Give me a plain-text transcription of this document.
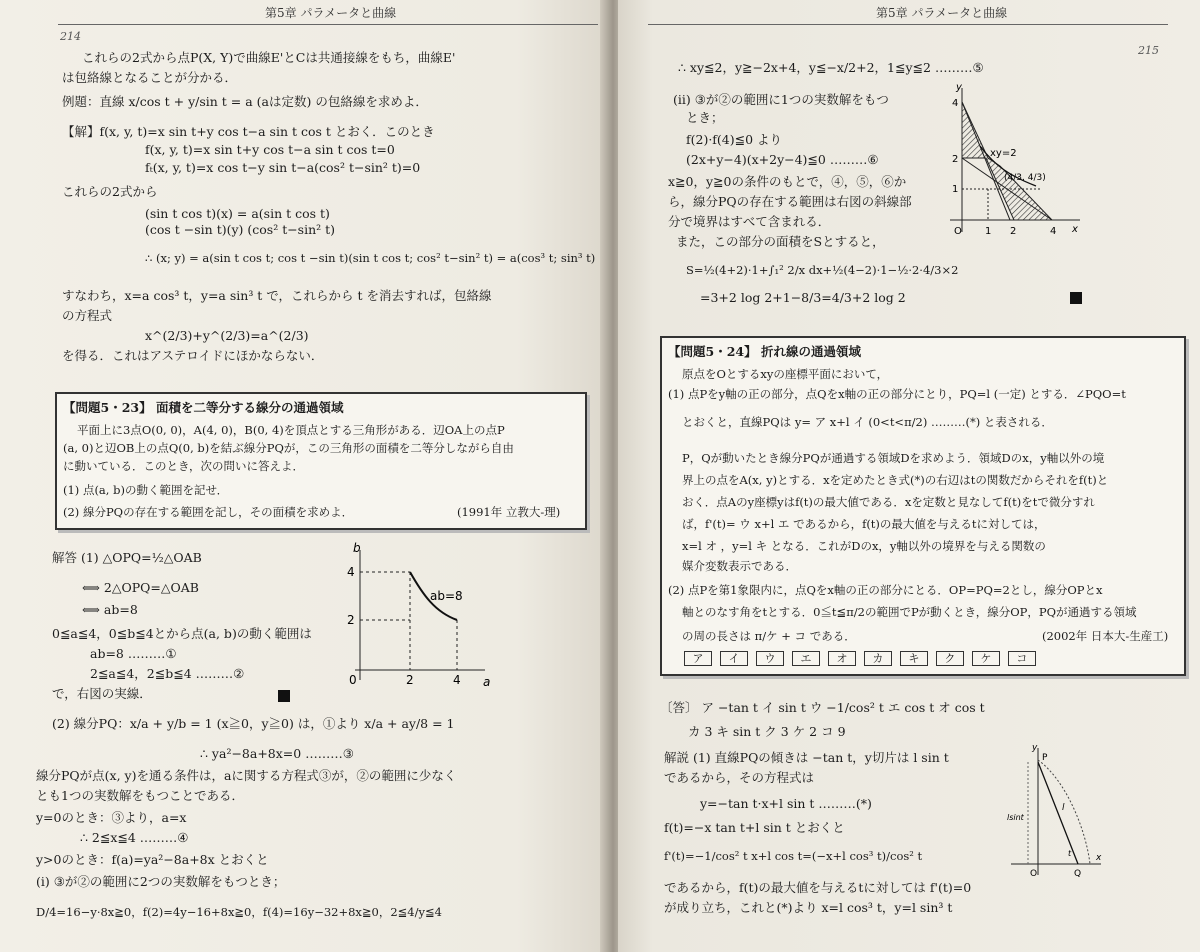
214
第5章 パラメータと曲線
これらの2式から点P(X, Y)で曲線E'とCは共通接線をもち，曲線E'
は包絡線となることが分かる．
例題：直線 x/cos t + y/sin t = a (aは定数) の包絡線を求めよ．
【解】f(x, y, t)=x sin t+y cos t−a sin t cos t とおく．このとき
f(x, y, t)=x sin t+y cos t−a sin t cos t=0
fₜ(x, y, t)=x cos t−y sin t−a(cos² t−sin² t)=0
これらの2式から
(sin t cos t)(x) = a(sin t cos t)
(cos t −sin t)(y) (cos² t−sin² t)
∴ (x; y) = a(sin t cos t; cos t −sin t)(sin t cos t; cos² t−sin² t) = a(cos³ t; sin³ t)
すなわち，x=a cos³ t，y=a sin³ t で，これらから t を消去すれば，包絡線
の方程式
x^(2/3)+y^(2/3)=a^(2/3)
を得る．これはアステロイドにほかならない．
【問題5・23】 面積を二等分する線分の通過領域
平面上に3点O(0, 0)，A(4, 0)，B(0, 4)を頂点とする三角形がある．辺OA上の点P
(a, 0)と辺OB上の点Q(0, b)を結ぶ線分PQが，この三角形の面積を二等分しながら自由
に動いている．このとき，次の問いに答えよ．
(1) 点(a, b)の動く範囲を記せ．
(2) 線分PQの存在する範囲を記し，その面積を求めよ．	(1991年 立教大-理)
解答 (1) △OPQ=½△OAB
⟺ 2△OPQ=△OAB
⟺ ab=8
0≦a≦4，0≦b≦4とから点(a, b)の動く範囲は
ab=8 ………①
2≦a≦4，2≦b≦4 ………②
で，右図の実線．
(2) 線分PQ：x/a + y/b = 1 (x≧0，y≧0) は，①より x/a + ay/8 = 1
∴ ya²−8a+8x=0 ………③
線分PQが点(x, y)を通る条件は，aに関する方程式③が，②の範囲に少なく
とも1つの実数解をもつことである．
y=0のとき：③より，a=x
∴ 2≦x≦4 ………④
y>0のとき：f(a)=ya²−8a+8x とおくと
(i) ③が②の範囲に2つの実数解をもつとき；
D/4=16−y·8x≧0，f(2)=4y−16+8x≧0，f(4)=16y−32+8x≧0，2≦4/y≦4
ab=8
a
b
0	2	4
2
4
第5章 パラメータと曲線
215
∴ xy≦2，y≧−2x+4，y≦−x/2+2，1≦y≦2 ………⑤
(ii) ③が②の範囲に1つの実数解をもつ
とき；
f(2)·f(4)≦0 より
(2x+y−4)(x+2y−4)≦0 ………⑥
x≧0，y≧0の条件のもとで，④，⑤，⑥か
ら，線分PQの存在する範囲は右図の斜線部
分で境界はすべて含まれる．
また，この部分の面積をSとすると，
S=½(4+2)·1+∫₁² 2/x dx+½(4−2)·1−½·2·4/3×2
=3+2 log 2+1−8/3=4/3+2 log 2
xy=2
(4/3, 4/3)
O 1 2	4
1
2
4
x
y
【問題5・24】 折れ線の通過領域
原点をOとするxyの座標平面において，
(1) 点Pをy軸の正の部分，点Qをx軸の正の部分にとり，PQ=l (一定) とする．∠PQO=t
とおくと，直線PQは y= ア x+l イ (0<t<π/2) ………(*) と表される．
P，Qが動いたとき線分PQが通過する領域Dを求めよう．領域Dのx，y軸以外の境
界上の点をA(x, y)とする．xを定めたとき式(*)の右辺はtの関数だからそれをf(t)と
おく．点Aのy座標yはf(t)の最大値である．xを定数と見なしてf(t)をtで微分すれ
ば，f'(t)= ウ x+l エ であるから，f(t)の最大値を与えるtに対しては，
x=l オ ，y=l キ となる．これがDのx，y軸以外の境界を与える関数の
媒介変数表示である．
(2) 点Pを第1象限内に，点Qをx軸の正の部分にとる．OP=PQ=2とし，線分OPとx
軸とのなす角をtとする．0≦t≦π/2の範囲でPが動くとき，線分OP，PQが通過する領域
の周の長さは π/ケ + コ である．	(2002年 日本大-生産工)
ア イ ウ エ オ カ キ ク ケ コ
〔答〕 ア −tan t イ sin t ウ −1/cos² t エ cos t オ cos t
カ 3 キ sin t ク 3 ケ 2 コ 9
解説 (1) 直線PQの傾きは −tan t，y切片は l sin t
であるから，その方程式は
y=−tan t·x+l sin t ………(*)
f(t)=−x tan t+l sin t とおくと
f'(t)=−1/cos² t x+l cos t=(−x+l cos³ t)/cos² t
であるから，f(t)の最大値を与えるtに対しては f'(t)=0
が成り立ち，これと(*)より x=l cos³ t，y=l sin³ t
y
P
l
lsint
t
Q
x
O
